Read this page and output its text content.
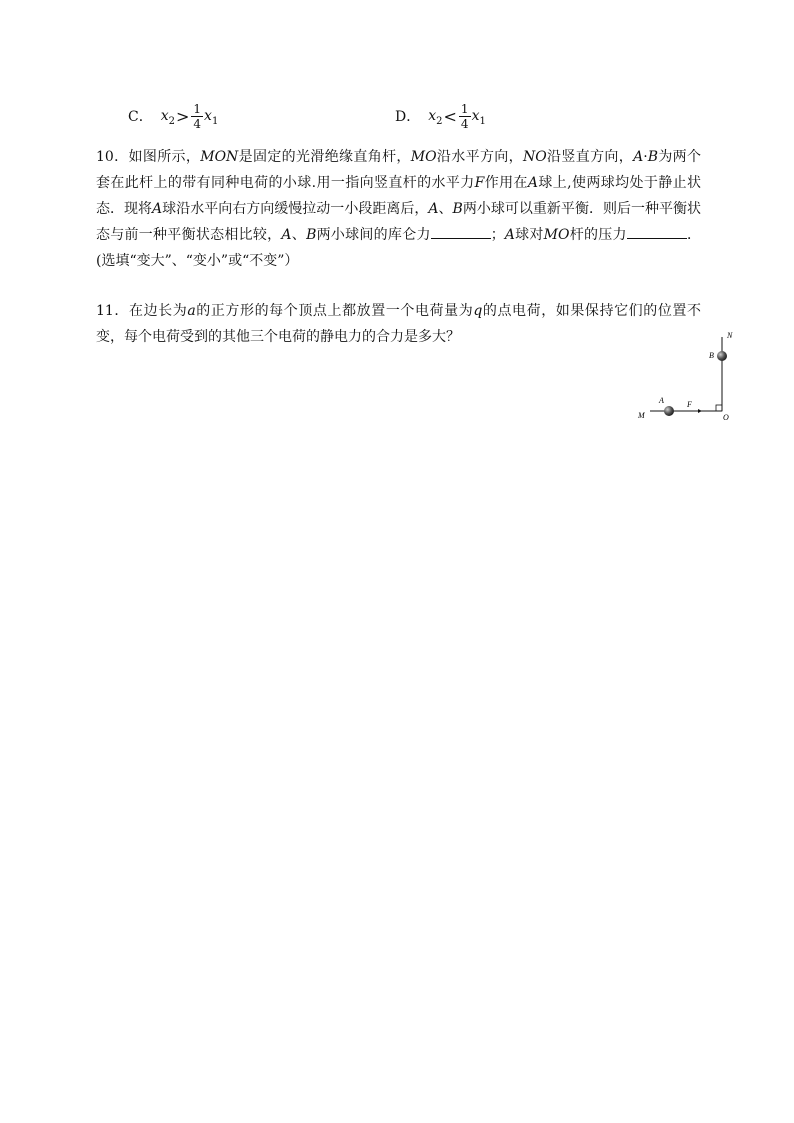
C． $x_2 > \frac{1}{4} x_1$	D． $x_2 < \frac{1}{4} x_1$
10．如图所示，MON是固定的光滑绝缘直角杆，MO沿水平方向，NO沿竖直方向，A·B为两个套在此杆上的带有同种电荷的小球.用一指向竖直杆的水平力F作用在A球上,使两球均处于静止状态．现将A球沿水平向右方向缓慢拉动一小段距离后，A、B两小球可以重新平衡．则后一种平衡状态与前一种平衡状态相比较，A、B两小球间的库仑力	；A球对MO杆的压力	．(选填“变大”、“变小”或“不变”）
11．在边长为a的正方形的每个顶点上都放置一个电荷量为q的点电荷，如果保持它们的位置不变，每个电荷受到的其他三个电荷的静电力的合力是多大？	N
B
A	F
M	O
